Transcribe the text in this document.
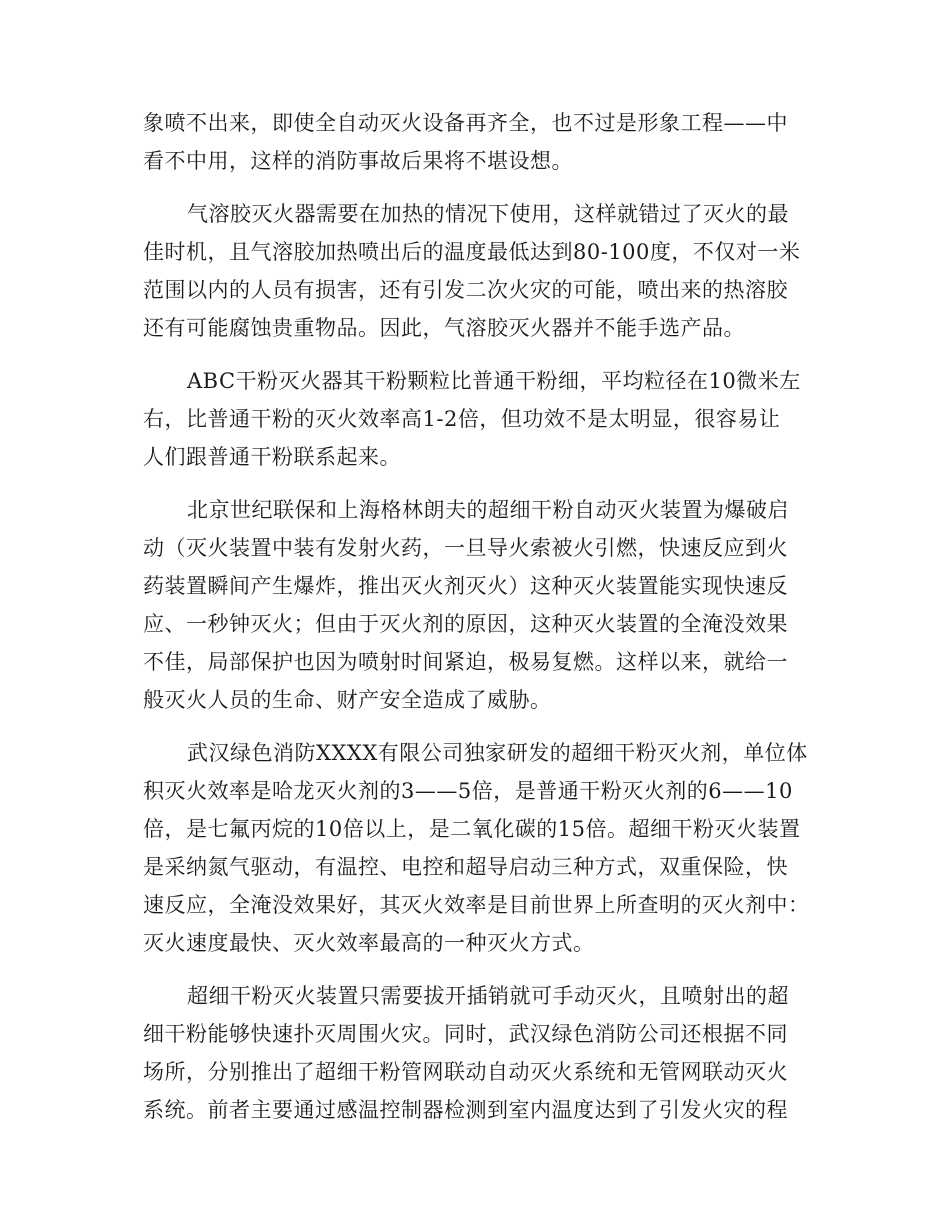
象喷不出来，即使全自动灭火设备再齐全，也不过是形象工程——中
看不中用，这样的消防事故后果将不堪设想。
气溶胶灭火器需要在加热的情况下使用，这样就错过了灭火的最
佳时机，且气溶胶加热喷出后的温度最低达到80-100度，不仅对一米
范围以内的人员有损害，还有引发二次火灾的可能，喷出来的热溶胶
还有可能腐蚀贵重物品。因此，气溶胶灭火器并不能手选产品。
ABC干粉灭火器其干粉颗粒比普通干粉细，平均粒径在10微米左
右，比普通干粉的灭火效率高1-2倍，但功效不是太明显，很容易让
人们跟普通干粉联系起来。
北京世纪联保和上海格林朗夫的超细干粉自动灭火装置为爆破启
动（灭火装置中装有发射火药，一旦导火索被火引燃，快速反应到火
药装置瞬间产生爆炸，推出灭火剂灭火）这种灭火装置能实现快速反
应、一秒钟灭火；但由于灭火剂的原因，这种灭火装置的全淹没效果
不佳，局部保护也因为喷射时间紧迫，极易复燃。这样以来，就给一
般灭火人员的生命、财产安全造成了威胁。
武汉绿色消防XXXX有限公司独家研发的超细干粉灭火剂，单位体
积灭火效率是哈龙灭火剂的3——5倍，是普通干粉灭火剂的6——10
倍，是七氟丙烷的10倍以上，是二氧化碳的15倍。超细干粉灭火装置
是采纳氮气驱动，有温控、电控和超导启动三种方式，双重保险，快
速反应，全淹没效果好，其灭火效率是目前世界上所查明的灭火剂中：
灭火速度最快、灭火效率最高的一种灭火方式。
超细干粉灭火装置只需要拔开插销就可手动灭火，且喷射出的超
细干粉能够快速扑灭周围火灾。同时，武汉绿色消防公司还根据不同
场所，分别推出了超细干粉管网联动自动灭火系统和无管网联动灭火
系统。前者主要通过感温控制器检测到室内温度达到了引发火灾的程
